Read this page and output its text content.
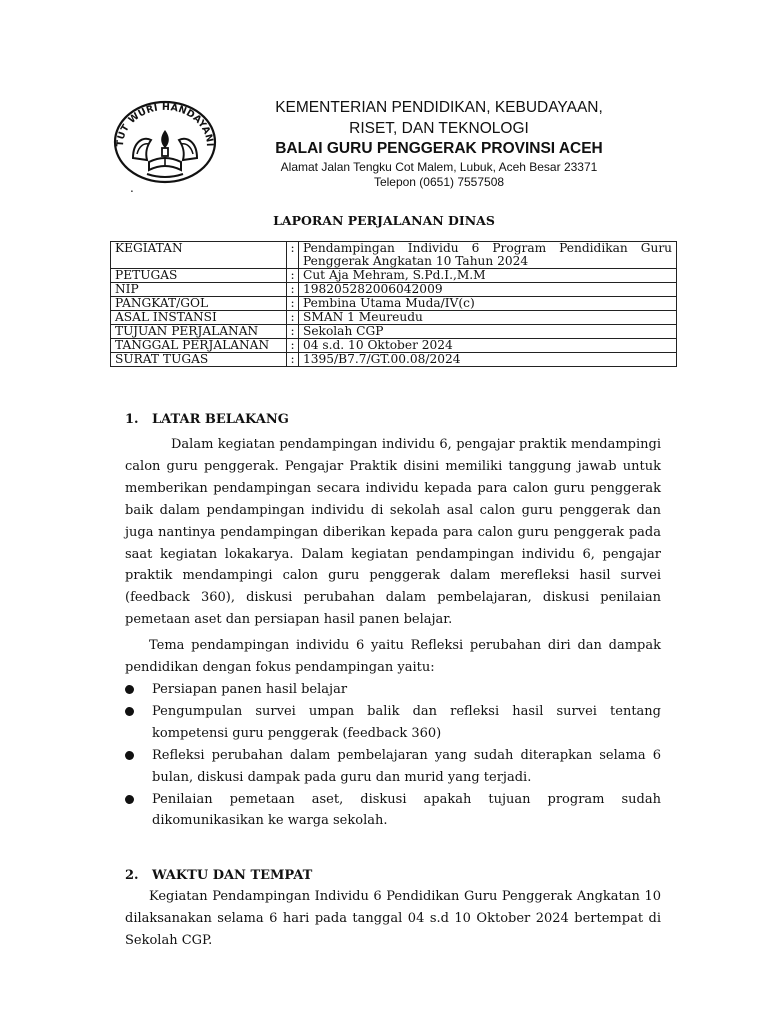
TUT WURI HANDAYANI
.
KEMENTERIAN PENDIDIKAN, KEBUDAYAAN,
RISET, DAN TEKNOLOGI
BALAI GURU PENGGERAK PROVINSI ACEH
Alamat Jalan Tengku Cot Malem, Lubuk, Aceh Besar 23371
Telepon (0651) 7557508
LAPORAN PERJALANAN DINAS
KEGIATAN	:	Pendampingan Individu 6 Program Pendidikan Guru Penggerak Angkatan 10 Tahun 2024
PETUGAS	:	Cut Aja Mehram, S.Pd.I.,M.M
NIP	:	198205282006042009
PANGKAT/GOL	:	Pembina Utama Muda/IV(c)
ASAL INSTANSI	:	SMAN 1 Meureudu
TUJUAN PERJALANAN	:	Sekolah CGP
TANGGAL PERJALANAN	:	04 s.d. 10 Oktober 2024
SURAT TUGAS	:	1395/B7.7/GT.00.08/2024
1. LATAR BELAKANG

Dalam kegiatan pendampingan individu 6, pengajar praktik mendampingi calon guru penggerak. Pengajar Praktik disini memiliki tanggung jawab untuk memberikan pendampingan secara individu kepada para calon guru penggerak baik dalam pendampingan individu di sekolah asal calon guru penggerak dan juga nantinya pendampingan diberikan kepada para calon guru penggerak pada saat kegiatan lokakarya. Dalam kegiatan pendampingan individu 6, pengajar praktik mendampingi calon guru penggerak dalam merefleksi hasil survei (feedback 360), diskusi perubahan dalam pembelajaran, diskusi penilaian pemetaan aset dan persiapan hasil panen belajar.

Tema pendampingan individu 6 yaitu Refleksi perubahan diri dan dampak pendidikan dengan fokus pendampingan yaitu:

Persiapan panen hasil belajar
Pengumpulan survei umpan balik dan refleksi hasil survei tentang kompetensi guru penggerak (feedback 360)
Refleksi perubahan dalam pembelajaran yang sudah diterapkan selama 6 bulan, diskusi dampak pada guru dan murid yang terjadi.
Penilaian pemetaan aset, diskusi apakah tujuan program sudah dikomunikasikan ke warga sekolah.
2. WAKTU DAN TEMPAT

Kegiatan Pendampingan Individu 6 Pendidikan Guru Penggerak Angkatan 10 dilaksanakan selama 6 hari pada tanggal 04 s.d 10 Oktober 2024 bertempat di Sekolah CGP.
